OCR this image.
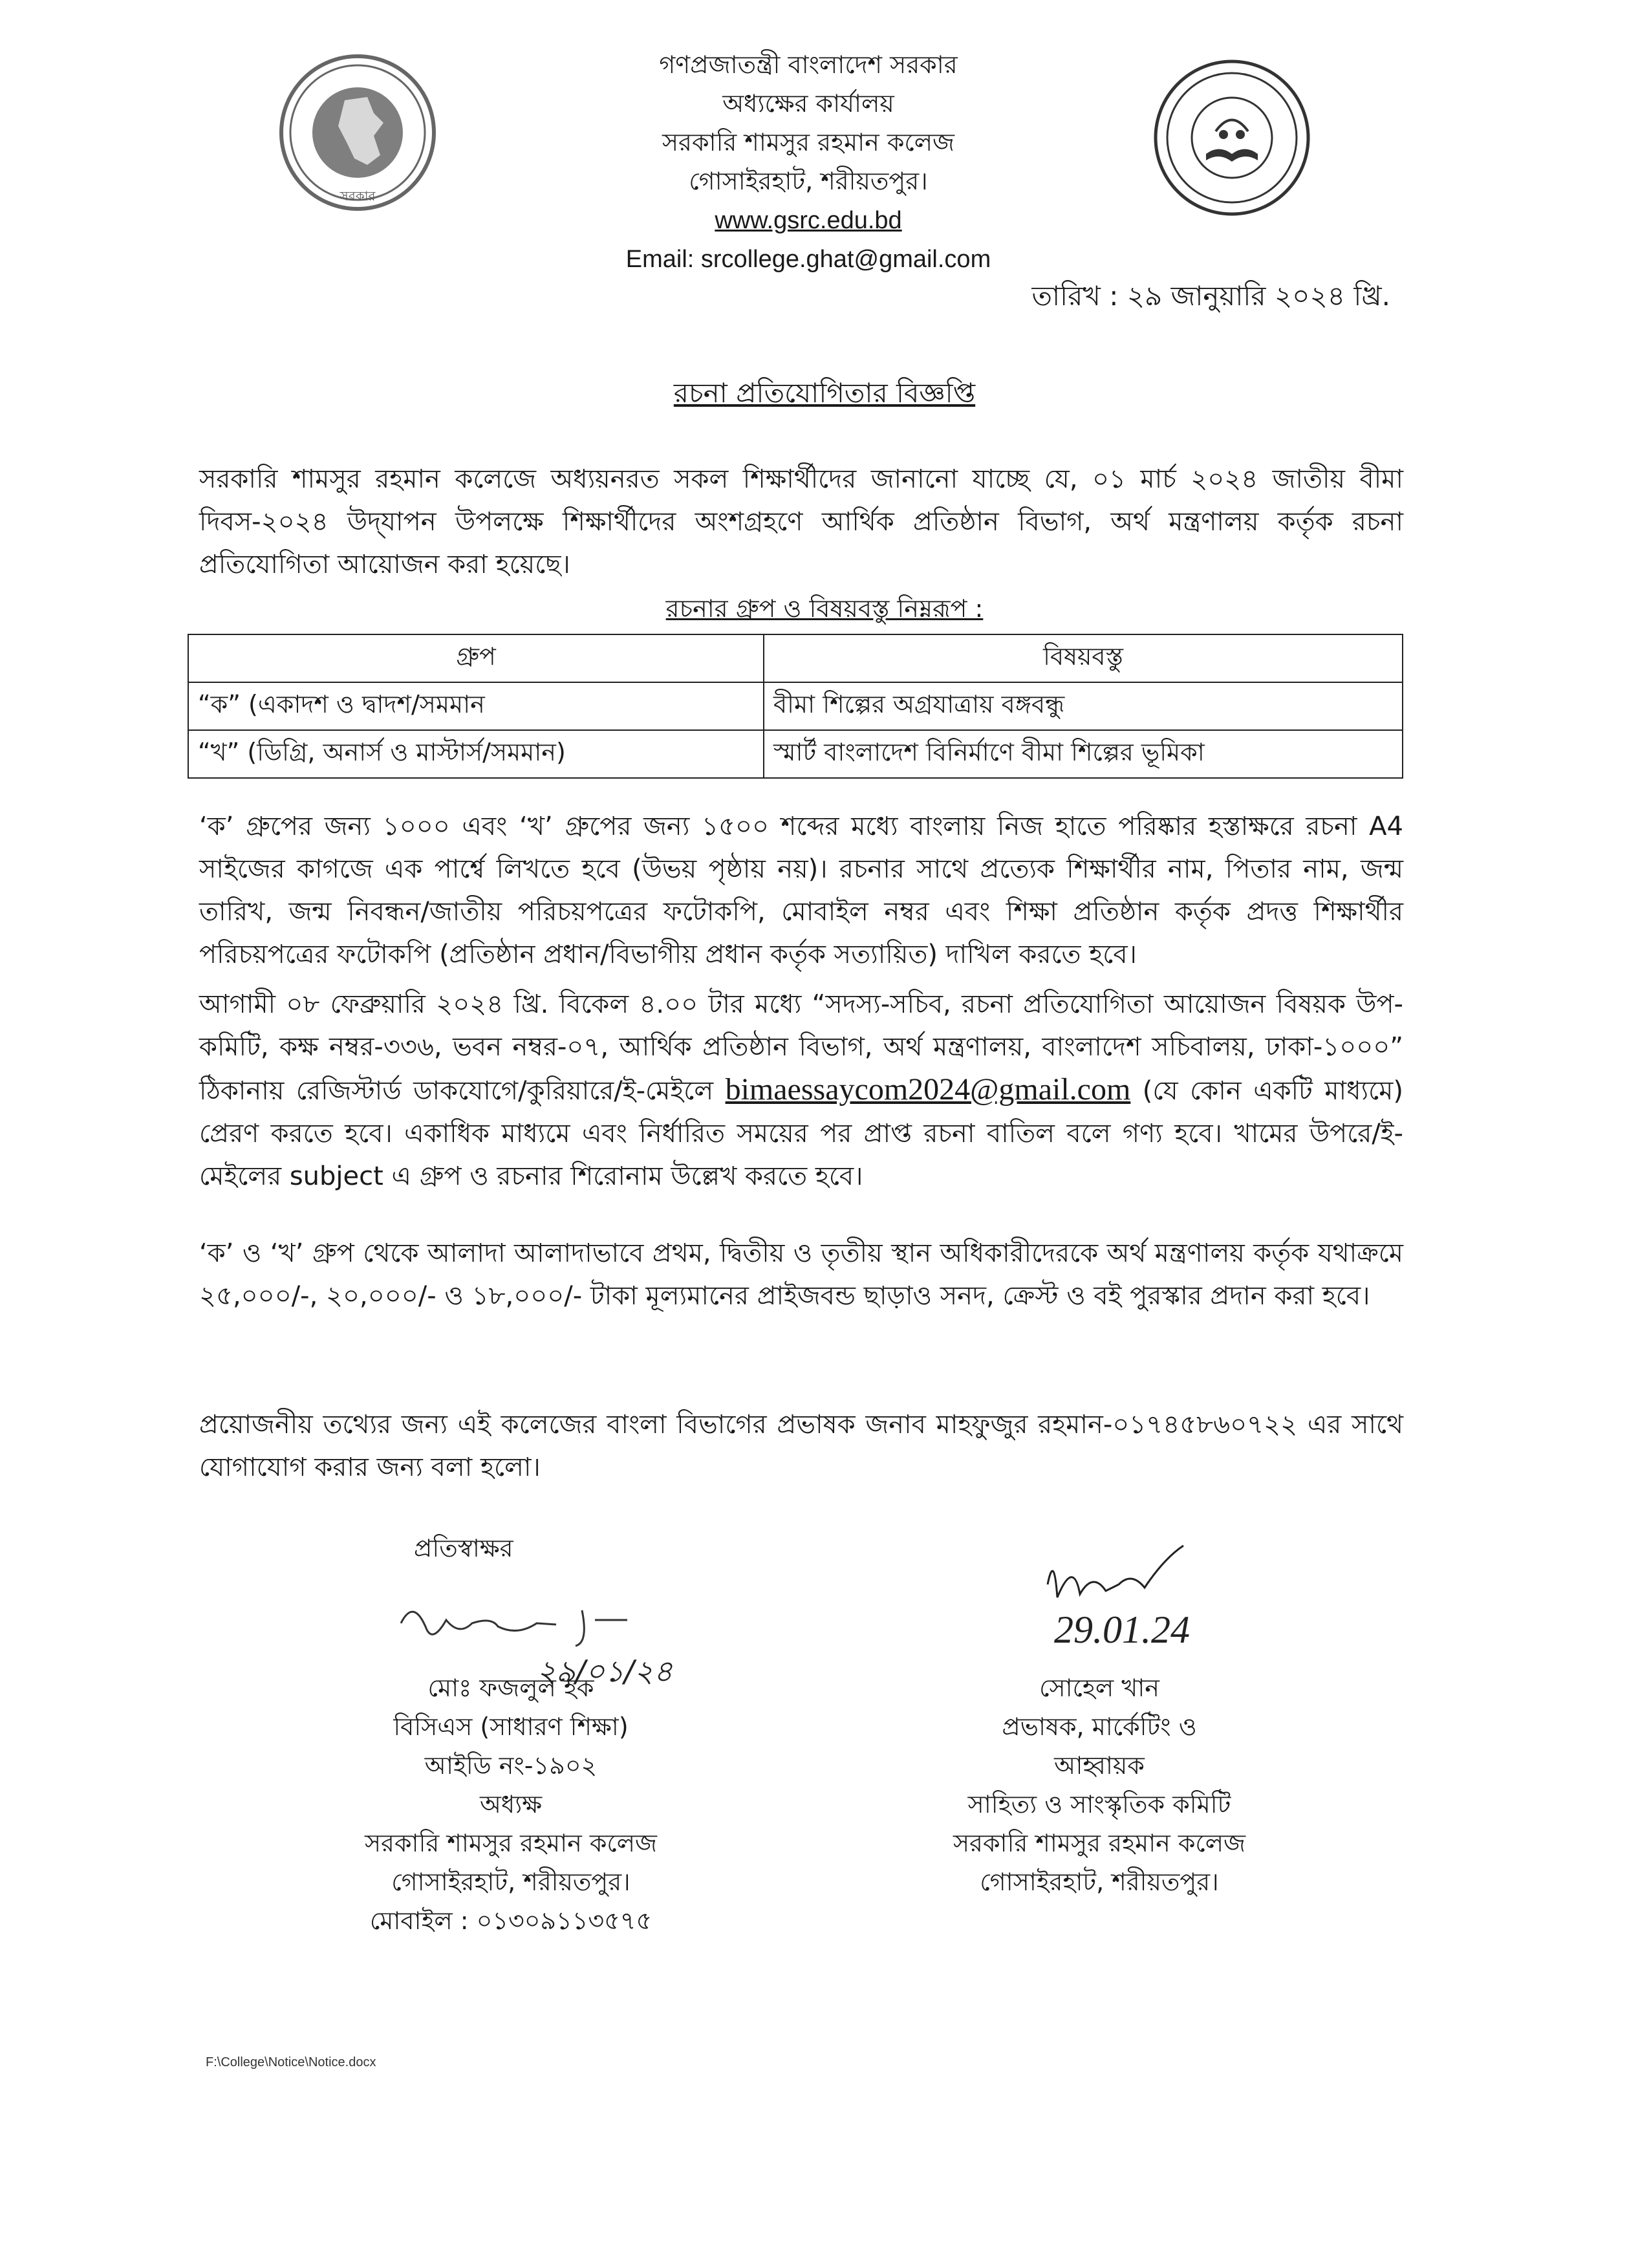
সরকার
গণপ্রজাতন্ত্রী বাংলাদেশ সরকার
অধ্যক্ষের কার্যালয়
সরকারি শামসুর রহমান কলেজ
গোসাইরহাট, শরীয়তপুর।
www.gsrc.edu.bd
Email: srcollege.ghat@gmail.com
তারিখ : ২৯ জানুয়ারি ২০২৪ খ্রি.
রচনা প্রতিযোগিতার বিজ্ঞপ্তি
সরকারি শামসুর রহমান কলেজে অধ্যয়নরত সকল শিক্ষার্থীদের জানানো যাচ্ছে যে, ০১ মার্চ ২০২৪ জাতীয় বীমা দিবস-২০২৪ উদ্‌যাপন উপলক্ষে শিক্ষার্থীদের অংশগ্রহণে আর্থিক প্রতিষ্ঠান বিভাগ, অর্থ মন্ত্রণালয় কর্তৃক রচনা প্রতিযোগিতা আয়োজন করা হয়েছে।
রচনার গ্রুপ ও বিষয়বস্তু নিম্নরূপ :
গ্রুপ	বিষয়বস্তু
“ক” (একাদশ ও দ্বাদশ/সমমান	বীমা শিল্পের অগ্রযাত্রায় বঙ্গবন্ধু
“খ” (ডিগ্রি, অনার্স ও মাস্টার্স/সমমান)	স্মার্ট বাংলাদেশ বিনির্মাণে বীমা শিল্পের ভূমিকা
‘ক’ গ্রুপের জন্য ১০০০ এবং ‘খ’ গ্রুপের জন্য ১৫০০ শব্দের মধ্যে বাংলায় নিজ হাতে পরিষ্কার হস্তাক্ষরে রচনা A4 সাইজের কাগজে এক পার্শ্বে লিখতে হবে (উভয় পৃষ্ঠায় নয়)। রচনার সাথে প্রত্যেক শিক্ষার্থীর নাম, পিতার নাম, জন্ম তারিখ, জন্ম নিবন্ধন/জাতীয় পরিচয়পত্রের ফটোকপি, মোবাইল নম্বর এবং শিক্ষা প্রতিষ্ঠান কর্তৃক প্রদত্ত শিক্ষার্থীর পরিচয়পত্রের ফটোকপি (প্রতিষ্ঠান প্রধান/বিভাগীয় প্রধান কর্তৃক সত্যায়িত) দাখিল করতে হবে।
আগামী ০৮ ফেব্রুয়ারি ২০২৪ খ্রি. বিকেল ৪.০০ টার মধ্যে “সদস্য-সচিব, রচনা প্রতিযোগিতা আয়োজন বিষয়ক উপ-কমিটি, কক্ষ নম্বর-৩৩৬, ভবন নম্বর-০৭, আর্থিক প্রতিষ্ঠান বিভাগ, অর্থ মন্ত্রণালয়, বাংলাদেশ সচিবালয়, ঢাকা-১০০০” ঠিকানায় রেজিস্টার্ড ডাকযোগে/কুরিয়ারে/ই-মেইলে bimaessaycom2024@gmail.com (যে কোন একটি মাধ্যমে) প্রেরণ করতে হবে। একাধিক মাধ্যমে এবং নির্ধারিত সময়ের পর প্রাপ্ত রচনা বাতিল বলে গণ্য হবে। খামের উপরে/ই-মেইলের subject এ গ্রুপ ও রচনার শিরোনাম উল্লেখ করতে হবে।
‘ক’ ও ‘খ’ গ্রুপ থেকে আলাদা আলাদাভাবে প্রথম, দ্বিতীয় ও তৃতীয় স্থান অধিকারীদেরকে অর্থ মন্ত্রণালয় কর্তৃক যথাক্রমে ২৫,০০০/-, ২০,০০০/- ও ১৮,০০০/- টাকা মূল্যমানের প্রাইজবন্ড ছাড়াও সনদ, ক্রেস্ট ও বই পুরস্কার প্রদান করা হবে।
প্রয়োজনীয় তথ্যের জন্য এই কলেজের বাংলা বিভাগের প্রভাষক জনাব মাহফুজুর রহমান-০১৭৪৫৮৬০৭২২ এর সাথে যোগাযোগ করার জন্য বলা হলো।
প্রতিস্বাক্ষর
২৯/০১/২৪
29.01.24
মোঃ ফজলুল হক
বিসিএস (সাধারণ শিক্ষা)
আইডি নং-১৯০২
অধ্যক্ষ
সরকারি শামসুর রহমান কলেজ
গোসাইরহাট, শরীয়তপুর।
মোবাইল : ০১৩০৯১১৩৫৭৫
সোহেল খান
প্রভাষক, মার্কেটিং ও
আহ্বায়ক
সাহিত্য ও সাংস্কৃতিক কমিটি
সরকারি শামসুর রহমান কলেজ
গোসাইরহাট, শরীয়তপুর।
F:\College\Notice\Notice.docx
